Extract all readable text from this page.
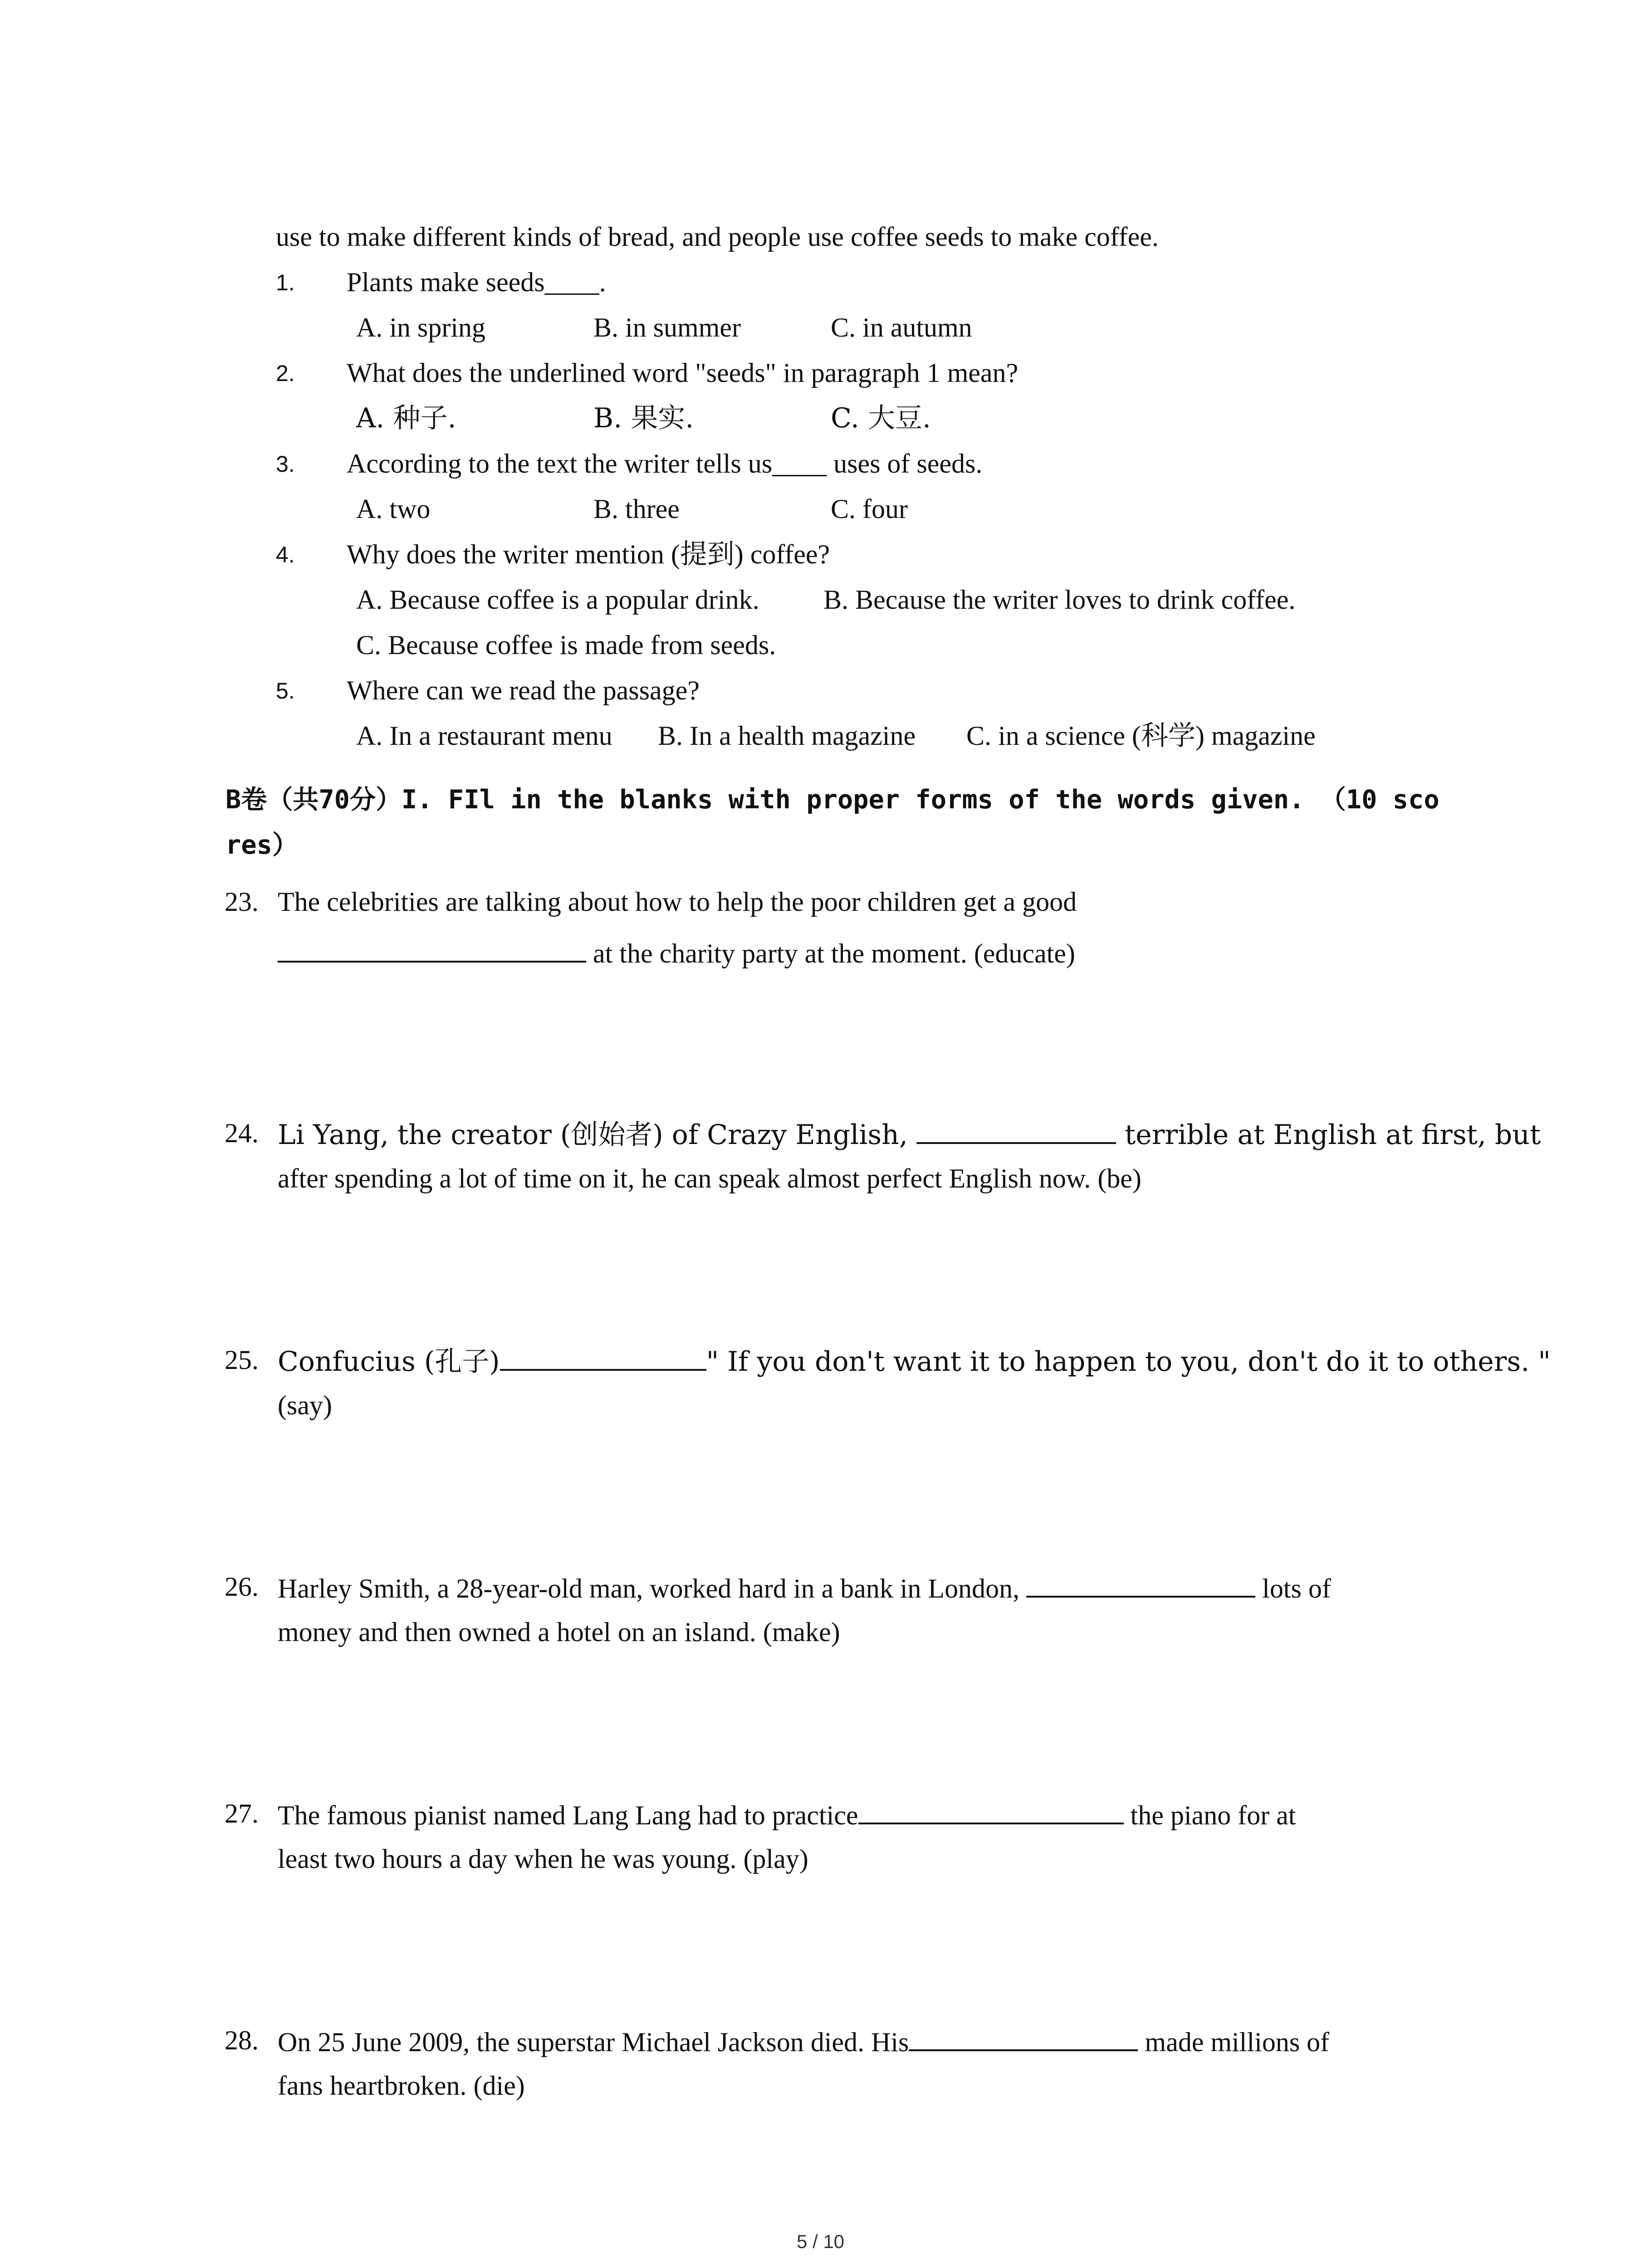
use to make different kinds of bread, and people use coffee seeds to make coffee.
1. Plants make seeds____.
A. in spring	B. in summer	C. in autumn
2. What does the underlined word "seeds" in paragraph 1 mean?
A. 种子.	B. 果实.	C. 大豆.
3. According to the text the writer tells us____ uses of seeds.
A. two	B. three	C. four
4. Why does the writer mention (提到) coffee?
A. Because coffee is a popular drink. B. Because the writer loves to drink coffee.
C. Because coffee is made from seeds.
5. Where can we read the passage?
A. In a restaurant menu B. In a health magazine C. in a science (科学) magazine
B卷（共70分）I. FIl in the blanks with proper forms of the words given. （10 sco
res）
23. The celebrities are talking about how to help the poor children get a good
at the charity party at the moment. (educate)
24. Li Yang, the creator (创始者) of Crazy English,	terrible at English at first, but
after spending a lot of time on it, he can speak almost perfect English now. (be)
25. Confucius (孔子)	" If you don't want it to happen to you, don't do it to others. "
(say)
26. Harley Smith, a 28-year-old man, worked hard in a bank in London,	lots of
money and then owned a hotel on an island. (make)
27. The famous pianist named Lang Lang had to practice	the piano for at
least two hours a day when he was young. (play)
28. On 25 June 2009, the superstar Michael Jackson died. His	made millions of
fans heartbroken. (die)
5 / 10
